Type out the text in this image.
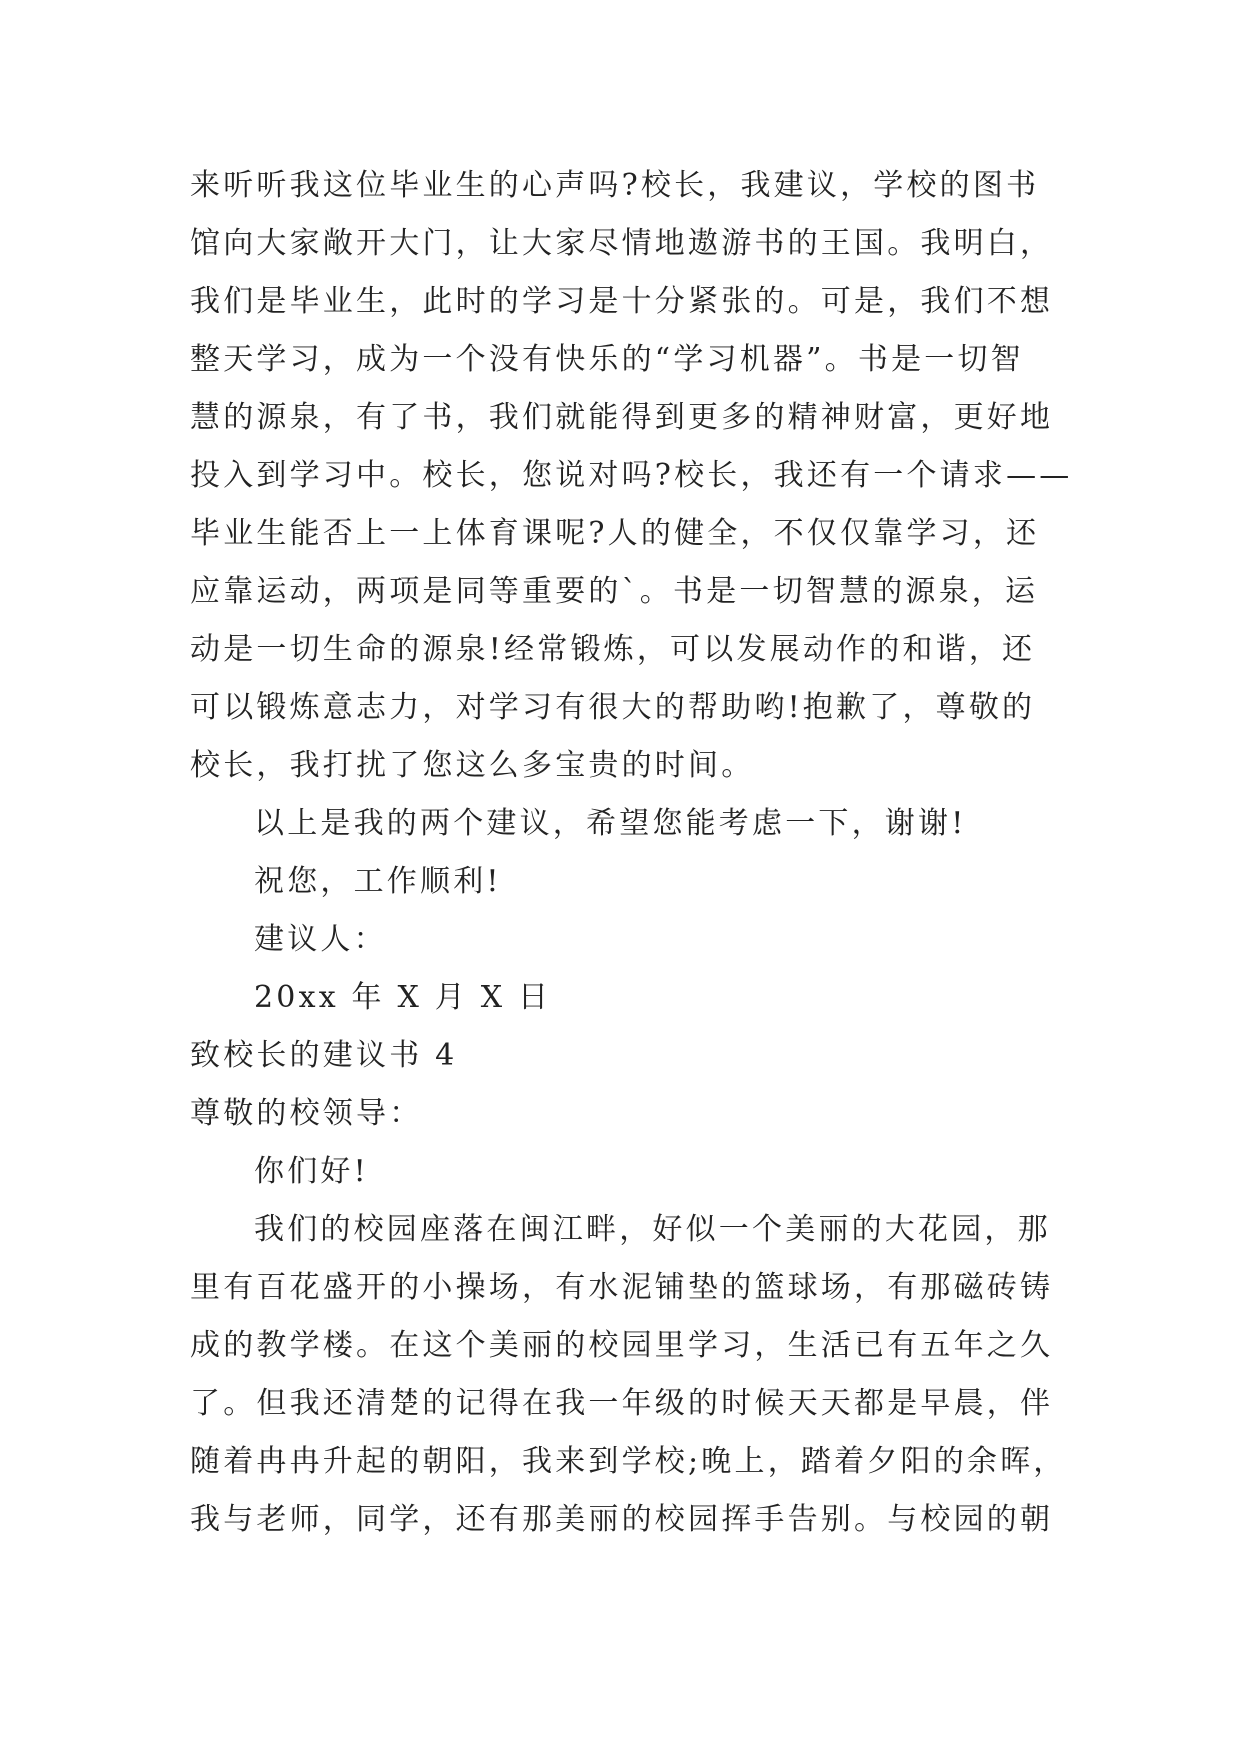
来听听我这位毕业生的心声吗?校长，我建议，学校的图书
馆向大家敞开大门，让大家尽情地遨游书的王国。我明白，
我们是毕业生，此时的学习是十分紧张的。可是，我们不想
整天学习，成为一个没有快乐的“学习机器”。书是一切智
慧的源泉，有了书，我们就能得到更多的精神财富，更好地
投入到学习中。校长，您说对吗?校长，我还有一个请求——
毕业生能否上一上体育课呢?人的健全，不仅仅靠学习，还
应靠运动，两项是同等重要的`。书是一切智慧的源泉，运
动是一切生命的源泉!经常锻炼，可以发展动作的和谐，还
可以锻炼意志力，对学习有很大的帮助哟!抱歉了，尊敬的
校长，我打扰了您这么多宝贵的时间。
以上是我的两个建议，希望您能考虑一下，谢谢!
祝您，工作顺利!
建议人：
20xx 年 X 月 X 日
致校长的建议书 4
尊敬的校领导：
你们好!
我们的校园座落在闽江畔，好似一个美丽的大花园，那
里有百花盛开的小操场，有水泥铺垫的篮球场，有那磁砖铸
成的教学楼。在这个美丽的校园里学习，生活已有五年之久
了。但我还清楚的记得在我一年级的时候天天都是早晨，伴
随着冉冉升起的朝阳，我来到学校;晚上，踏着夕阳的余晖，
我与老师，同学，还有那美丽的校园挥手告别。与校园的朝
